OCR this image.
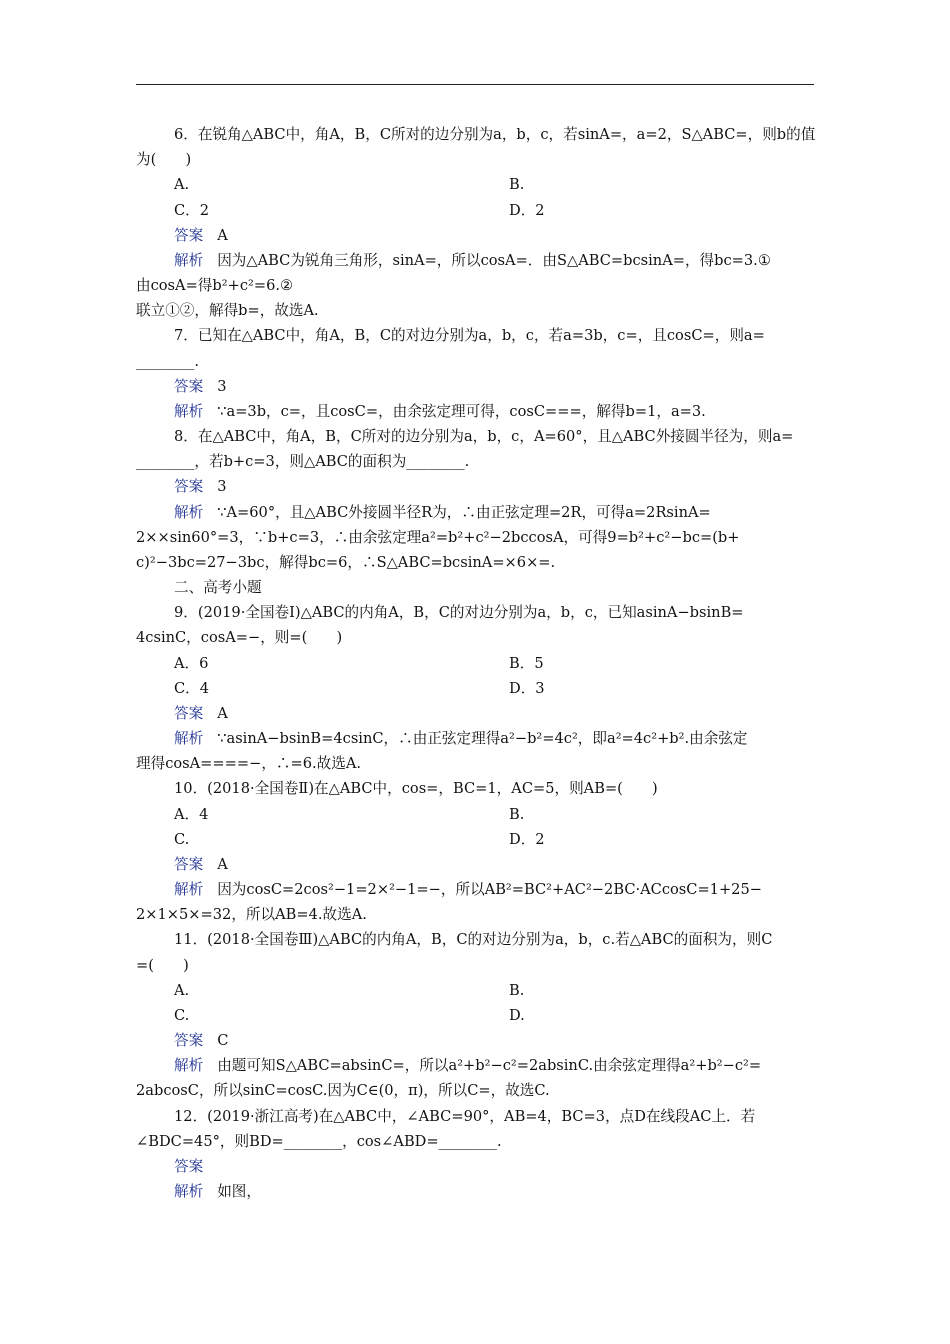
6．在锐角△ABC中，角A，B，C所对的边分别为a，b，c，若sinA=，a=2，S△ABC=，则b的值
为(　　)
A.	B.
C．2	D．2
答案 A
解析 因为△ABC为锐角三角形，sinA=，所以cosA=．由S△ABC=bcsinA=，得bc=3.①
由cosA=得b²+c²=6.②
联立①②，解得b=，故选A.
7．已知在△ABC中，角A，B，C的对边分别为a，b，c，若a=3b，c=，且cosC=，则a=
________.
答案 3
解析 ∵a=3b，c=，且cosC=，由余弦定理可得，cosC===，解得b=1，a=3.
8．在△ABC中，角A，B，C所对的边分别为a，b，c，A=60°，且△ABC外接圆半径为，则a=
________，若b+c=3，则△ABC的面积为________.
答案 3
解析 ∵A=60°，且△ABC外接圆半径R为，∴由正弦定理=2R，可得a=2RsinA=
2××sin60°=3，∵b+c=3，∴由余弦定理a²=b²+c²−2bccosA，可得9=b²+c²−bc=(b+
c)²−3bc=27−3bc，解得bc=6，∴S△ABC=bcsinA=×6×=.
二、高考小题
9．(2019·全国卷Ⅰ)△ABC的内角A，B，C的对边分别为a，b，c，已知asinA−bsinB=
4csinC，cosA=−，则=(　　)
A．6	B．5
C．4	D．3
答案 A
解析 ∵asinA−bsinB=4csinC，∴由正弦定理得a²−b²=4c²，即a²=4c²+b².由余弦定
理得cosA====−，∴=6.故选A.
10．(2018·全国卷Ⅱ)在△ABC中，cos=，BC=1，AC=5，则AB=(　　)
A．4	B.
C.	D．2
答案 A
解析 因为cosC=2cos²−1=2×²−1=−，所以AB²=BC²+AC²−2BC·ACcosC=1+25−
2×1×5×=32，所以AB=4.故选A.
11．(2018·全国卷Ⅲ)△ABC的内角A，B，C的对边分别为a，b，c.若△ABC的面积为，则C
=(　　)
A.	B.
C.	D.
答案 C
解析 由题可知S△ABC=absinC=，所以a²+b²−c²=2absinC.由余弦定理得a²+b²−c²=
2abcosC，所以sinC=cosC.因为C∈(0，π)，所以C=，故选C.
12．(2019·浙江高考)在△ABC中，∠ABC=90°，AB=4，BC=3，点D在线段AC上．若
∠BDC=45°，则BD=________，cos∠ABD=________.
答案
解析 如图，
